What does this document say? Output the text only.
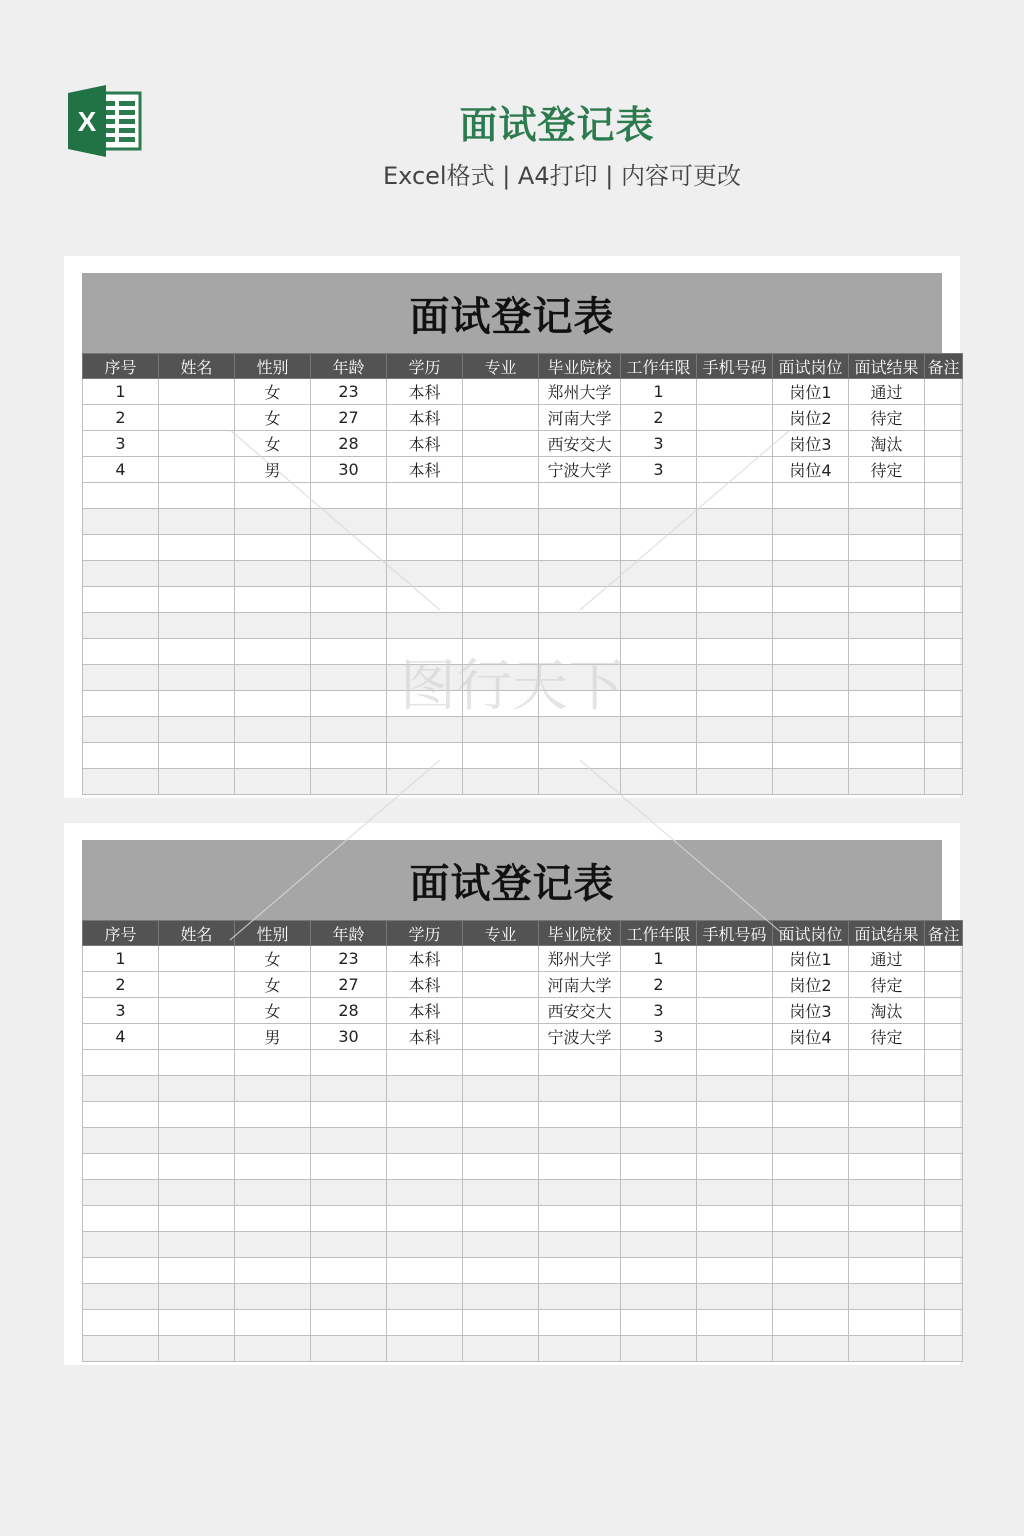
X	面试登记表
Excel格式 | A4打印 | 内容可更改
面试登记表
序号	姓名	性别	年龄	学历	专业	毕业院校	工作年限	手机号码	面试岗位	面试结果	备注
1		女	23	本科		郑州大学	1		岗位1	通过	
2		女	27	本科		河南大学	2		岗位2	待定	
3		女	28	本科		西安交大	3		岗位3	淘汰	
4		男	30	本科		宁波大学	3		岗位4	待定	

面试登记表
序号	姓名	性别	年龄	学历	专业	毕业院校	工作年限	手机号码	面试岗位	面试结果	备注
1		女	23	本科		郑州大学	1		岗位1	通过	
2		女	27	本科		河南大学	2		岗位2	待定	
3		女	28	本科		西安交大	3		岗位3	淘汰	
4		男	30	本科		宁波大学	3		岗位4	待定	

图行天下
